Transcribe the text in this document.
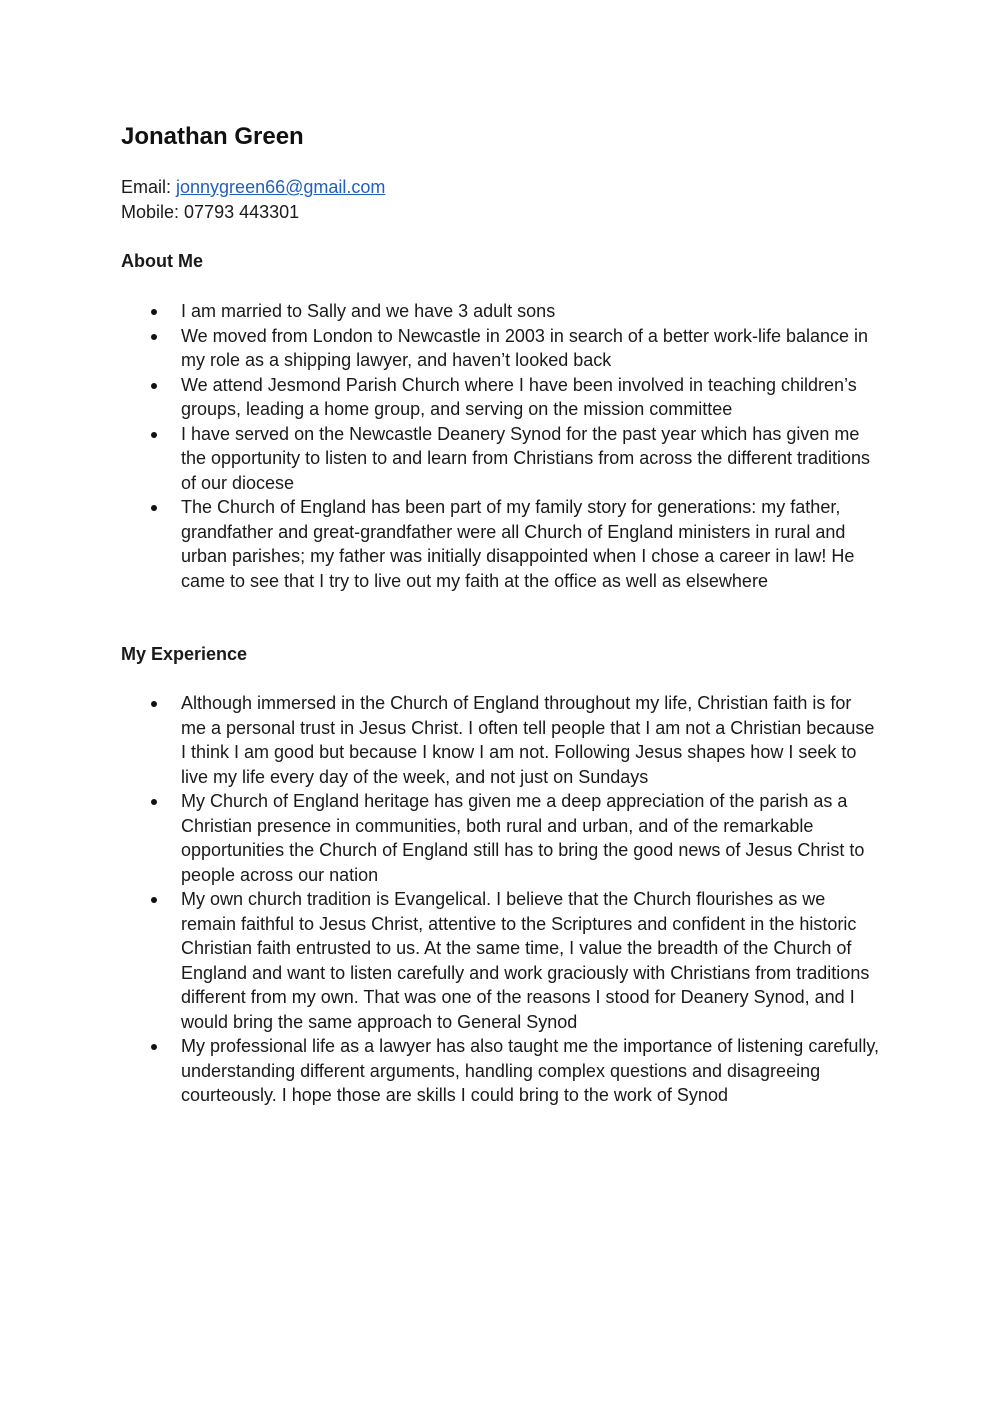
Jonathan Green
Email: jonnygreen66@gmail.com
Mobile: 07793 443301
About Me
I am married to Sally and we have 3 adult sons
We moved from London to Newcastle in 2003 in search of a better work-life balance in my role as a shipping lawyer, and haven’t looked back
We attend Jesmond Parish Church where I have been involved in teaching children’s groups, leading a home group, and serving on the mission committee
I have served on the Newcastle Deanery Synod for the past year which has given me the opportunity to listen to and learn from Christians from across the different traditions of our diocese
The Church of England has been part of my family story for generations: my father, grandfather and great-grandfather were all Church of England ministers in rural and urban parishes; my father was initially disappointed when I chose a career in law! He came to see that I try to live out my faith at the office as well as elsewhere
My Experience
Although immersed in the Church of England throughout my life, Christian faith is for me a personal trust in Jesus Christ. I often tell people that I am not a Christian because I think I am good but because I know I am not. Following Jesus shapes how I seek to live my life every day of the week, and not just on Sundays
My Church of England heritage has given me a deep appreciation of the parish as a Christian presence in communities, both rural and urban, and of the remarkable opportunities the Church of England still has to bring the good news of Jesus Christ to people across our nation
My own church tradition is Evangelical. I believe that the Church flourishes as we remain faithful to Jesus Christ, attentive to the Scriptures and confident in the historic Christian faith entrusted to us. At the same time, I value the breadth of the Church of England and want to listen carefully and work graciously with Christians from traditions different from my own. That was one of the reasons I stood for Deanery Synod, and I would bring the same approach to General Synod
My professional life as a lawyer has also taught me the importance of listening carefully, understanding different arguments, handling complex questions and disagreeing courteously. I hope those are skills I could bring to the work of Synod
